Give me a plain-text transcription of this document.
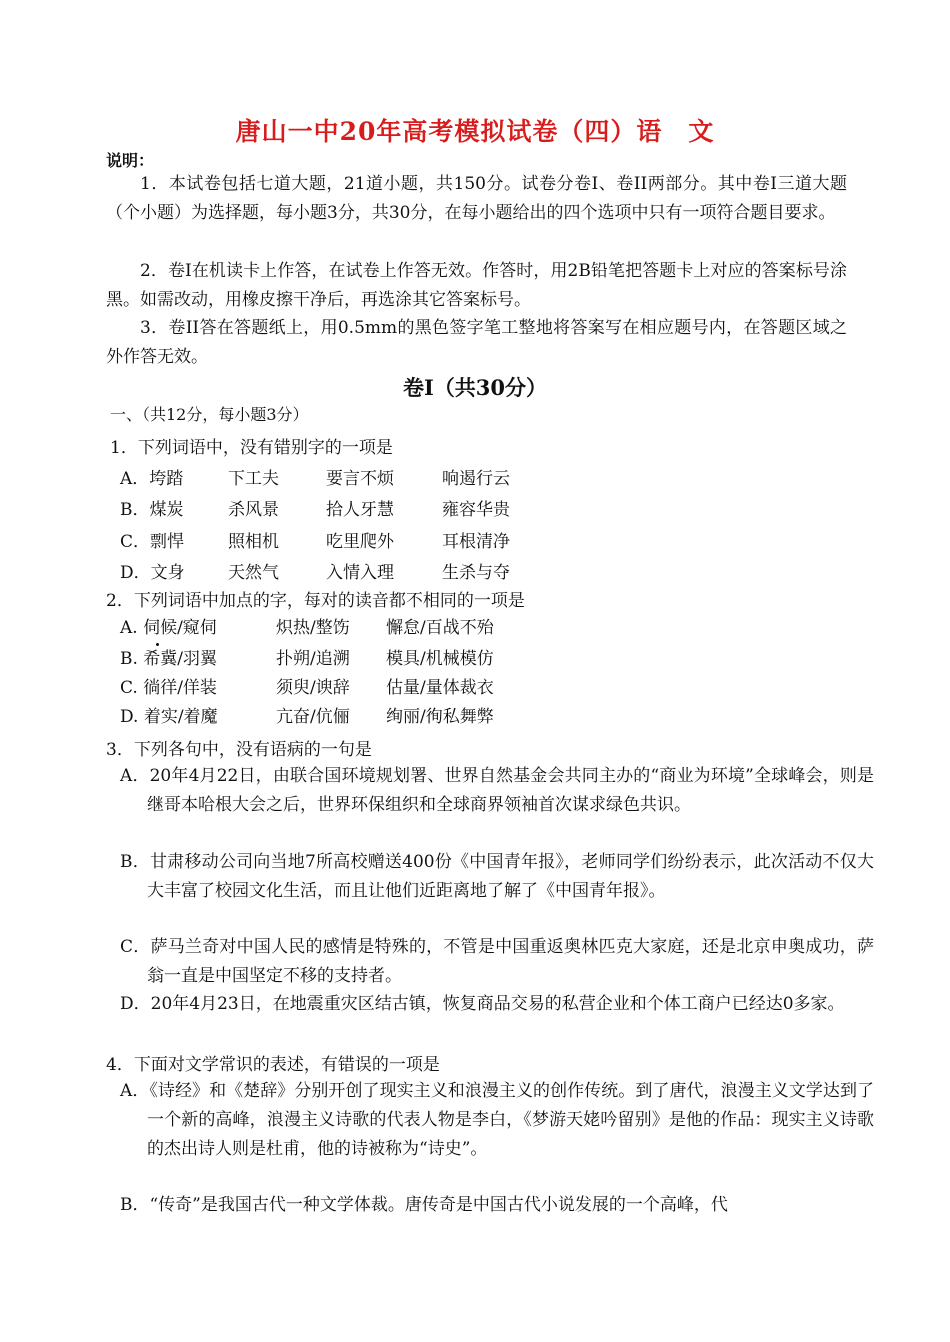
唐山一中20年高考模拟试卷（四）语　文
说明：
1．本试卷包括七道大题，21道小题，共150分。试卷分卷I、卷II两部分。其中卷I三道大题（个小题）为选择题，每小题3分，共30分，在每小题给出的四个选项中只有一项符合题目要求。
2．卷I在机读卡上作答，在试卷上作答无效。作答时，用2B铅笔把答题卡上对应的答案标号涂黑。如需改动，用橡皮擦干净后，再选涂其它答案标号。
3．卷II答在答题纸上，用0.5mm的黑色签字笔工整地将答案写在相应题号内，在答题区域之外作答无效。
卷I（共30分）
一、（共12分，每小题3分）
1．下列词语中，没有错别字的一项是
A．垮踏	下工夫	要言不烦	响遏行云
B．煤炭	杀风景	拾人牙慧	雍容华贵
C．剽悍	照相机	吃里爬外	耳根清净
D．文身	天然气	入情入理	生杀与夺
2．下列词语中加点的字，每对的读音都不相同的一项是
A. 伺候/窥伺	炽热/整饬 懈怠/百战不殆
B. 希冀/羽翼	扑朔/追溯 模具/机械模仿
C. 徜徉/佯装	须臾/谀辞 估量/量体裁衣
D. 着实/着魔	亢奋/伉俪 绚丽/徇私舞弊
3．下列各句中，没有语病的一句是
A．20年4月22日，由联合国环境规划署、世界自然基金会共同主办的“商业为环境”全球峰会，则是继哥本哈根大会之后，世界环保组织和全球商界领袖首次谋求绿色共识。
B．甘肃移动公司向当地7所高校赠送400份《中国青年报》，老师同学们纷纷表示，此次活动不仅大大丰富了校园文化生活，而且让他们近距离地了解了《中国青年报》。
C．萨马兰奇对中国人民的感情是特殊的，不管是中国重返奥林匹克大家庭，还是北京申奥成功，萨翁一直是中国坚定不移的支持者。
D．20年4月23日，在地震重灾区结古镇，恢复商品交易的私营企业和个体工商户已经达0多家。
4．下面对文学常识的表述，有错误的一项是
A．《诗经》和《楚辞》分别开创了现实主义和浪漫主义的创作传统。到了唐代，浪漫主义文学达到了一个新的高峰，浪漫主义诗歌的代表人物是李白，《梦游天姥吟留别》是他的作品：现实主义诗歌的杰出诗人则是杜甫，他的诗被称为“诗史”。
B．“传奇”是我国古代一种文学体裁。唐传奇是中国古代小说发展的一个高峰，代
